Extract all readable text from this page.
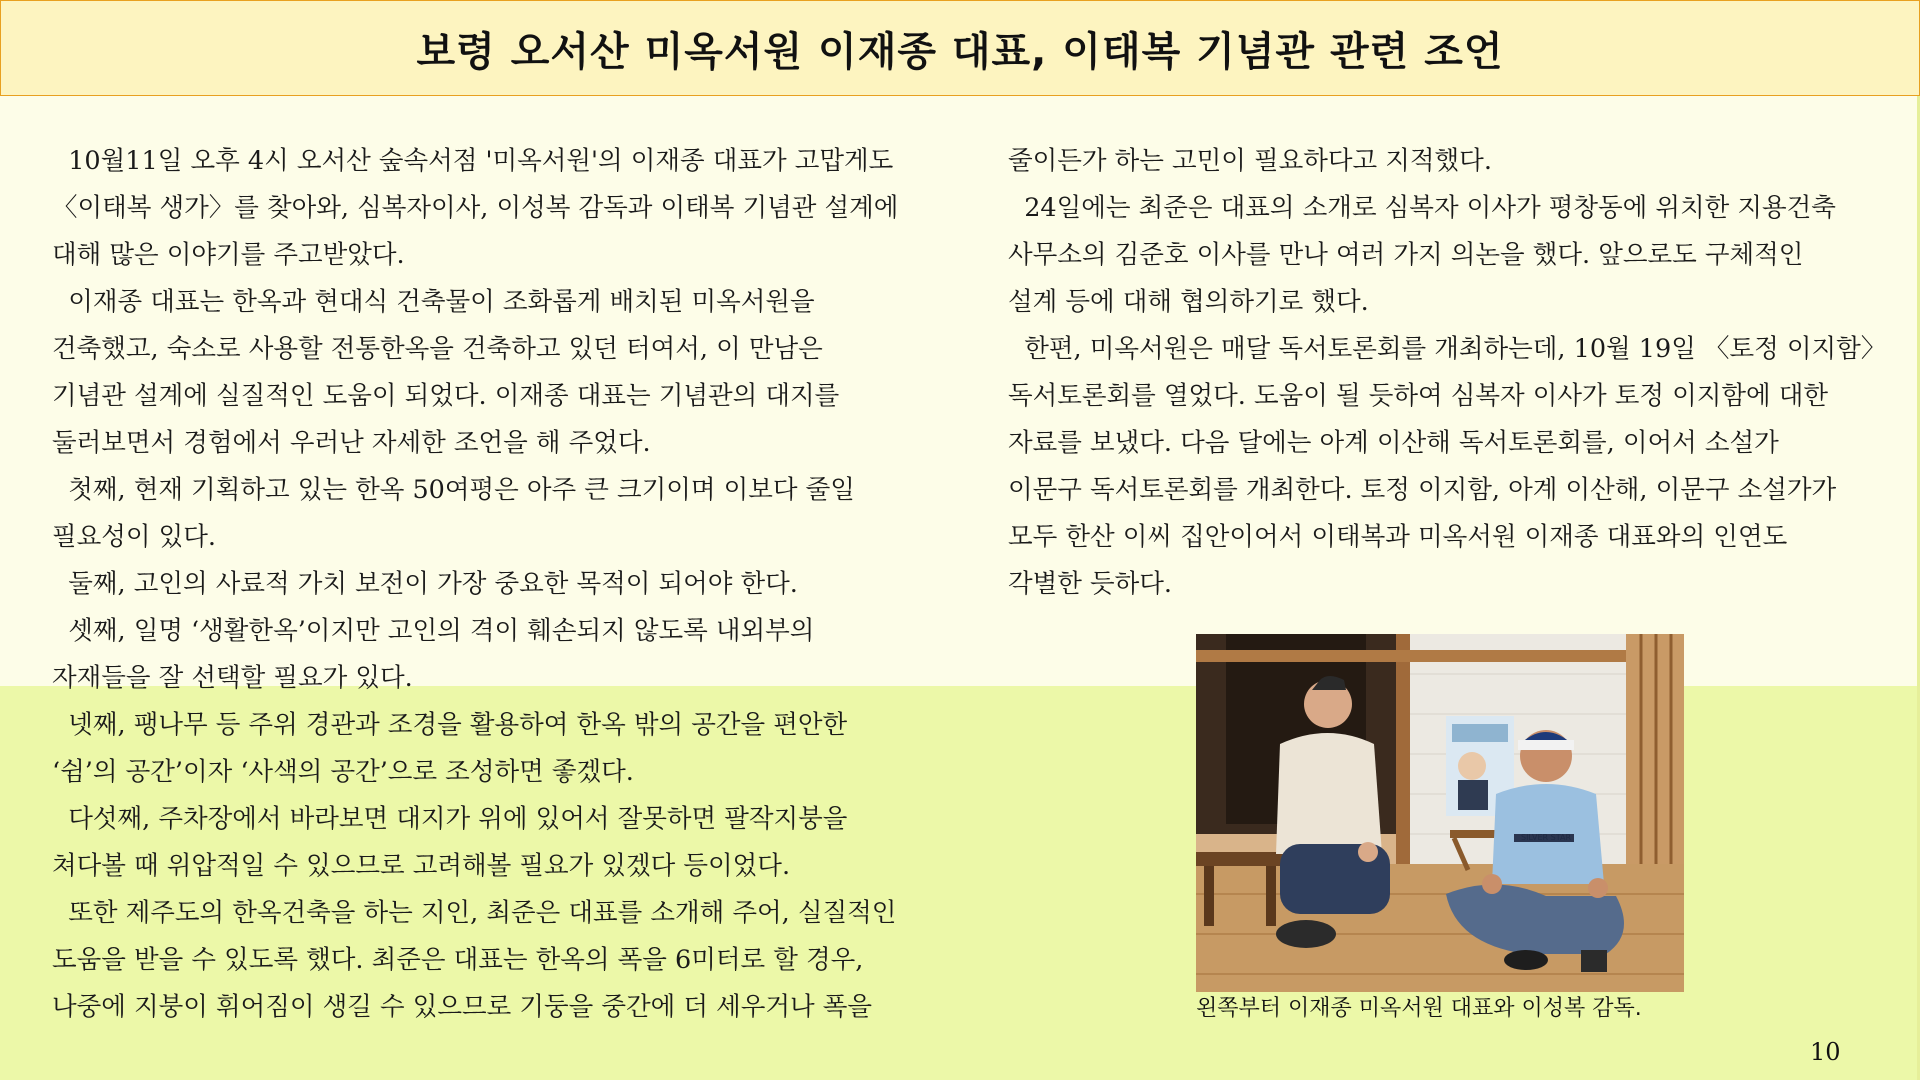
보령 오서산 미옥서원 이재종 대표, 이태복 기념관 관련 조언
10월11일 오후 4시 오서산 숲속서점 '미옥서원'의 이재종 대표가 고맙게도
〈이태복 생가〉를 찾아와, 심복자이사, 이성복 감독과 이태복 기념관 설계에
대해 많은 이야기를 주고받았다.
이재종 대표는 한옥과 현대식 건축물이 조화롭게 배치된 미옥서원을
건축했고, 숙소로 사용할 전통한옥을 건축하고 있던 터여서, 이 만남은
기념관 설계에 실질적인 도움이 되었다. 이재종 대표는 기념관의 대지를
둘러보면서 경험에서 우러난 자세한 조언을 해 주었다.
첫째, 현재 기획하고 있는 한옥 50여평은 아주 큰 크기이며 이보다 줄일
필요성이 있다.
둘째, 고인의 사료적 가치 보전이 가장 중요한 목적이 되어야 한다.
셋째, 일명 ‘생활한옥’이지만 고인의 격이 훼손되지 않도록 내외부의
자재들을 잘 선택할 필요가 있다.
넷째, 팽나무 등 주위 경관과 조경을 활용하여 한옥 밖의 공간을 편안한
‘쉼’의 공간’이자 ‘사색의 공간’으로 조성하면 좋겠다.
다섯째, 주차장에서 바라보면 대지가 위에 있어서 잘못하면 팔작지붕을
쳐다볼 때 위압적일 수 있으므로 고려해볼 필요가 있겠다 등이었다.
또한 제주도의 한옥건축을 하는 지인, 최준은 대표를 소개해 주어, 실질적인
도움을 받을 수 있도록 했다. 최준은 대표는 한옥의 폭을 6미터로 할 경우,
나중에 지붕이 휘어짐이 생길 수 있으므로 기둥을 중간에 더 세우거나 폭을
줄이든가 하는 고민이 필요하다고 지적했다.
24일에는 최준은 대표의 소개로 심복자 이사가 평창동에 위치한 지용건축
사무소의 김준호 이사를 만나 여러 가지 의논을 했다. 앞으로도 구체적인
설계 등에 대해 협의하기로 했다.
한편, 미옥서원은 매달 독서토론회를 개최하는데, 10월 19일 〈토정 이지함〉
독서토론회를 열었다. 도움이 될 듯하여 심복자 이사가 토정 이지함에 대한
자료를 보냈다. 다음 달에는 아계 이산해 독서토론회를, 이어서 소설가
이문구 독서토론회를 개최한다. 토정 이지함, 아계 이산해, 이문구 소설가가
모두 한산 이씨 집안이어서 이태복과 미옥서원 이재종 대표와의 인연도
각별한 듯하다.
SILVER STAR
왼쪽부터 이재종 미옥서원 대표와 이성복 감독.
10
